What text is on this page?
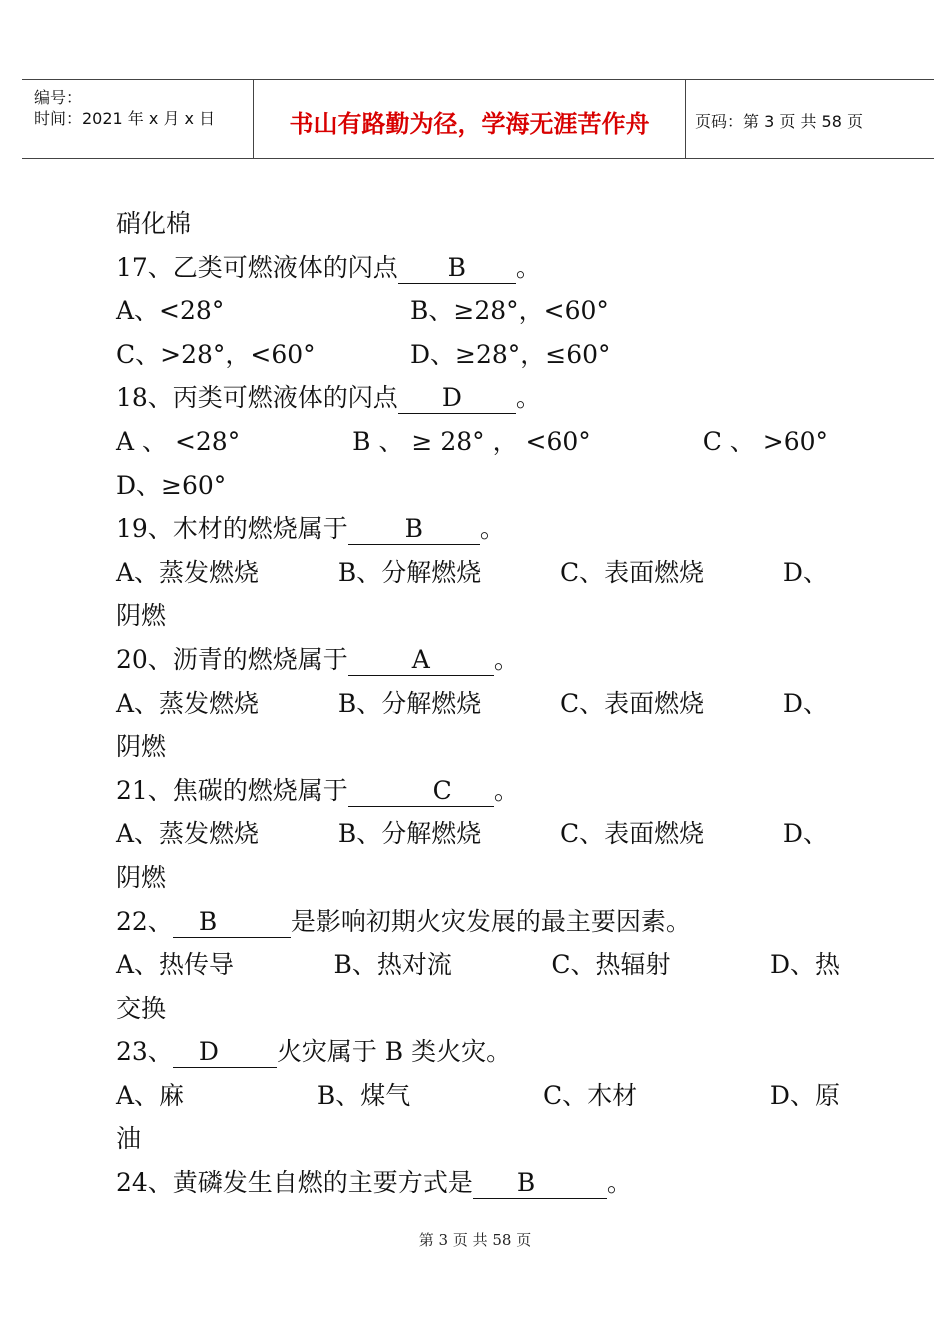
编号：
时间：2021 年 x 月 x 日	书山有路勤为径，学海无涯苦作舟	页码：第 3 页 共 58 页
硝化棉
17、乙类可燃液体的闪点 B 。
A、<28°	B、≥28°，<60°
C、>28°，<60°	D、≥28°，≤60°
18、丙类可燃液体的闪点 D 。
A 、 <28°	B 、 ≥ 28° ， <60°	C 、 >60°
D、≥60°
19、木材的燃烧属于 B 。
A、蒸发燃烧	B、分解燃烧	C、表面燃烧	D、
阴燃
20、沥青的燃烧属于	A	。
A、蒸发燃烧	B、分解燃烧	C、表面燃烧	D、
阴燃
21、焦碳的燃烧属于	C 。
A、蒸发燃烧	B、分解燃烧	C、表面燃烧	D、
阴燃
22、 B	是影响初期火灾发展的最主要因素。
A、热传导	B、热对流	C、热辐射	D、热
交换
23、 D 火灾属于 B 类火灾。
A、麻	B、煤气	C、木材	D、原
油
24、黄磷发生自燃的主要方式是 B	。
第 3 页 共 58 页
